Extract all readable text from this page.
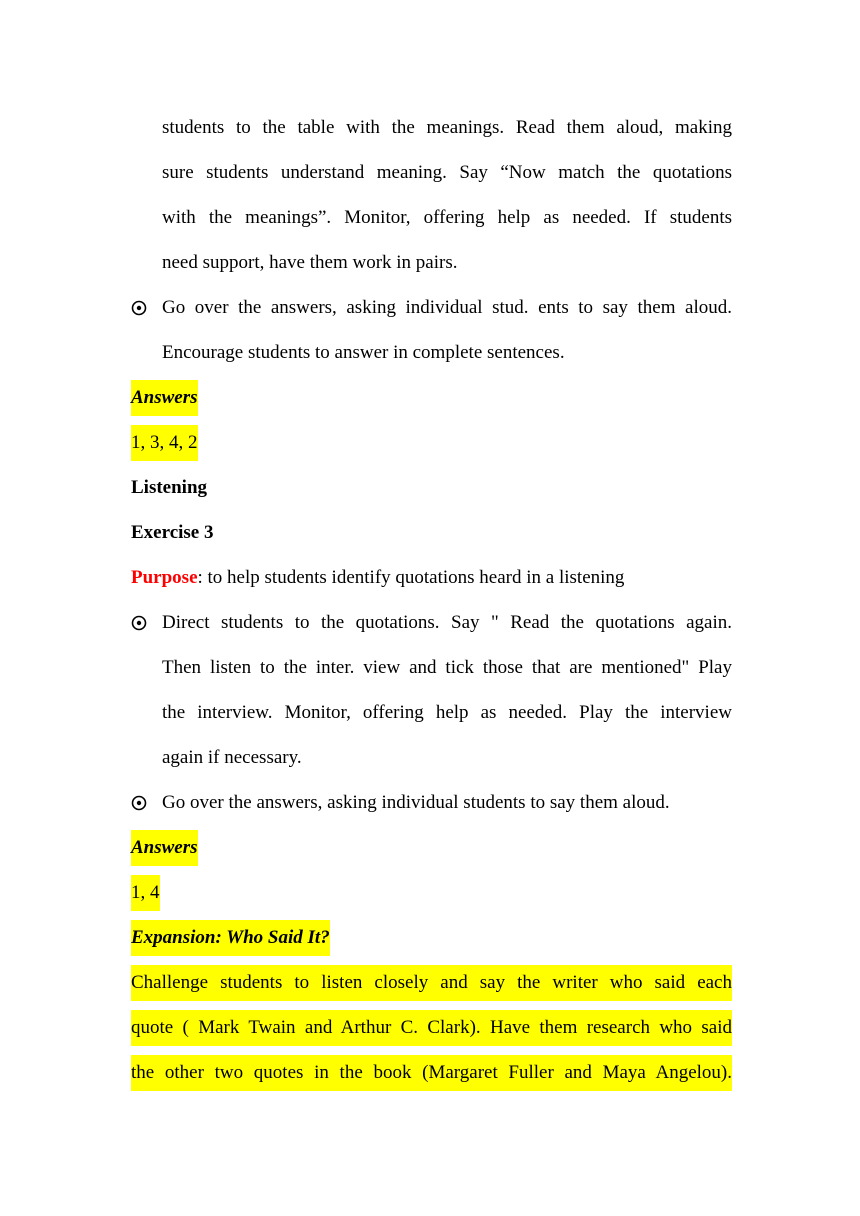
students to the table with the meanings. Read them aloud, making
sure students understand meaning. Say “Now match the quotations
with the meanings”. Monitor, offering help as needed. If students
need support, have them work in pairs.
Go over the answers, asking individual stud. ents to say them aloud.
Encourage students to answer in complete sentences.
Answers
1, 3, 4, 2
Listening
Exercise 3
Purpose: to help students identify quotations heard in a listening
Direct students to the quotations. Say " Read the quotations again.
Then listen to the inter. view and tick those that are mentioned" Play
the interview. Monitor, offering help as needed. Play the interview
again if necessary.
Go over the answers, asking individual students to say them aloud.
Answers
1, 4
Expansion: Who Said It?
Challenge students to listen closely and say the writer who said each
quote ( Mark Twain and Arthur C. Clark). Have them research who said
the other two quotes in the book (Margaret Fuller and Maya Angelou).
